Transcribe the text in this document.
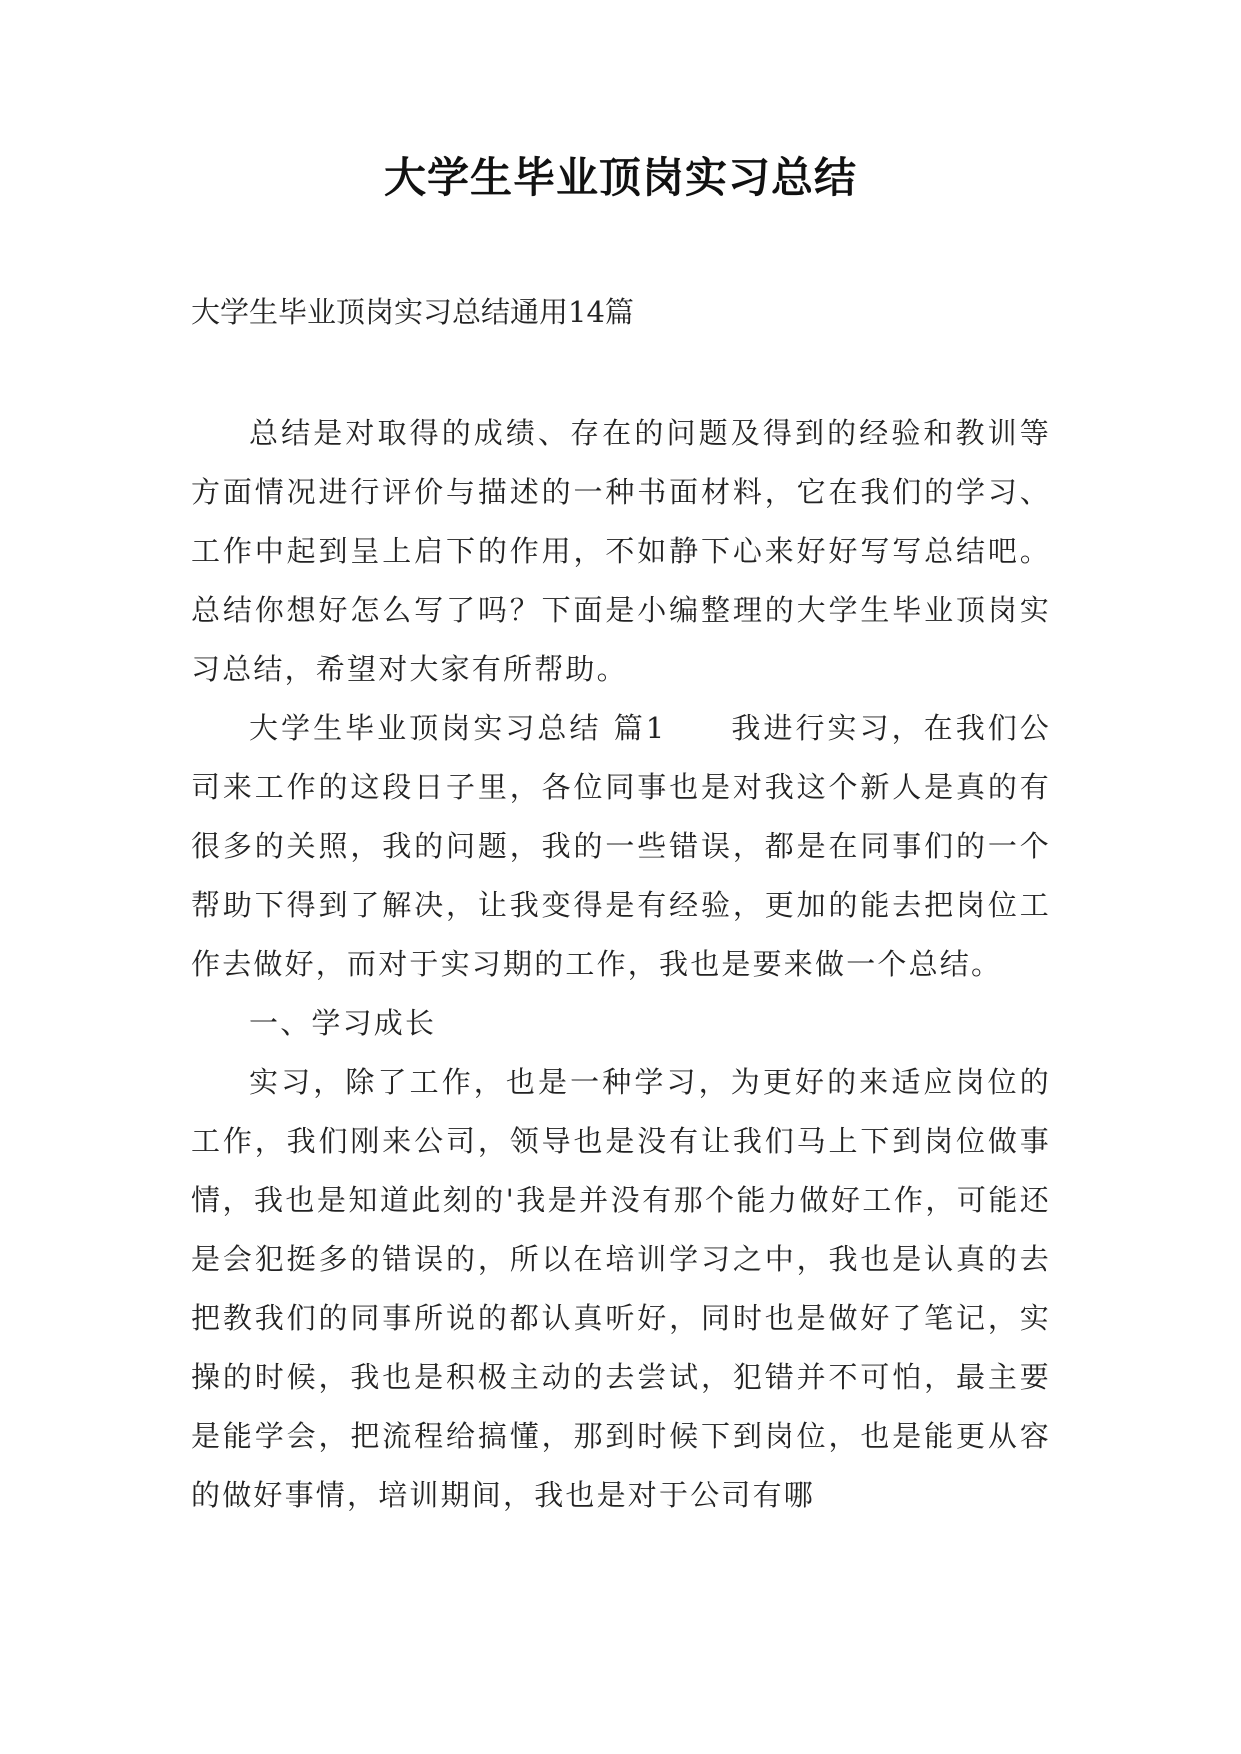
大学生毕业顶岗实习总结
大学生毕业顶岗实习总结通用14篇

总结是对取得的成绩、存在的问题及得到的经验和教训等方面情况进行评价与描述的一种书面材料，它在我们的学习、工作中起到呈上启下的作用，不如静下心来好好写写总结吧。总结你想好怎么写了吗？下面是小编整理的大学生毕业顶岗实习总结，希望对大家有所帮助。

大学生毕业顶岗实习总结 篇1　　我进行实习，在我们公司来工作的这段日子里，各位同事也是对我这个新人是真的有很多的关照，我的问题，我的一些错误，都是在同事们的一个帮助下得到了解决，让我变得是有经验，更加的能去把岗位工作去做好，而对于实习期的工作，我也是要来做一个总结。

一、学习成长

实习，除了工作，也是一种学习，为更好的来适应岗位的工作，我们刚来公司，领导也是没有让我们马上下到岗位做事情，我也是知道此刻的'我是并没有那个能力做好工作，可能还是会犯挺多的错误的，所以在培训学习之中，我也是认真的去把教我们的同事所说的都认真听好，同时也是做好了笔记，实操的时候，我也是积极主动的去尝试，犯错并不可怕，最主要是能学会，把流程给搞懂，那到时候下到岗位，也是能更从容的做好事情，培训期间，我也是对于公司有哪
